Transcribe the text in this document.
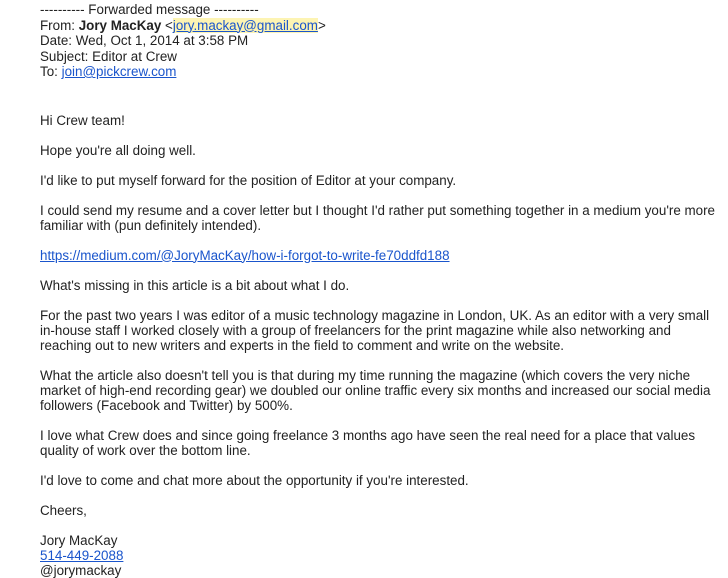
---------- Forwarded message ----------
From: Jory MacKay <jory.mackay@gmail.com>
Date: Wed, Oct 1, 2014 at 3:58 PM
Subject: Editor at Crew
To: join@pickcrew.com

Hi Crew team!

Hope you're all doing well.

I'd like to put myself forward for the position of Editor at your company.

I could send my resume and a cover letter but I thought I'd rather put something together in a medium you're more
familiar with (pun definitely intended).

https://medium.com/@JoryMacKay/how-i-forgot-to-write-fe70ddfd188

What's missing in this article is a bit about what I do.

For the past two years I was editor of a music technology magazine in London, UK. As an editor with a very small
in-house staff I worked closely with a group of freelancers for the print magazine while also networking and
reaching out to new writers and experts in the field to comment and write on the website.

What the article also doesn't tell you is that during my time running the magazine (which covers the very niche
market of high-end recording gear) we doubled our online traffic every six months and increased our social media
followers (Facebook and Twitter) by 500%.

I love what Crew does and since going freelance 3 months ago have seen the real need for a place that values
quality of work over the bottom line.

I'd love to come and chat more about the opportunity if you're interested.

Cheers,

Jory MacKay
514-449-2088
@jorymackay
